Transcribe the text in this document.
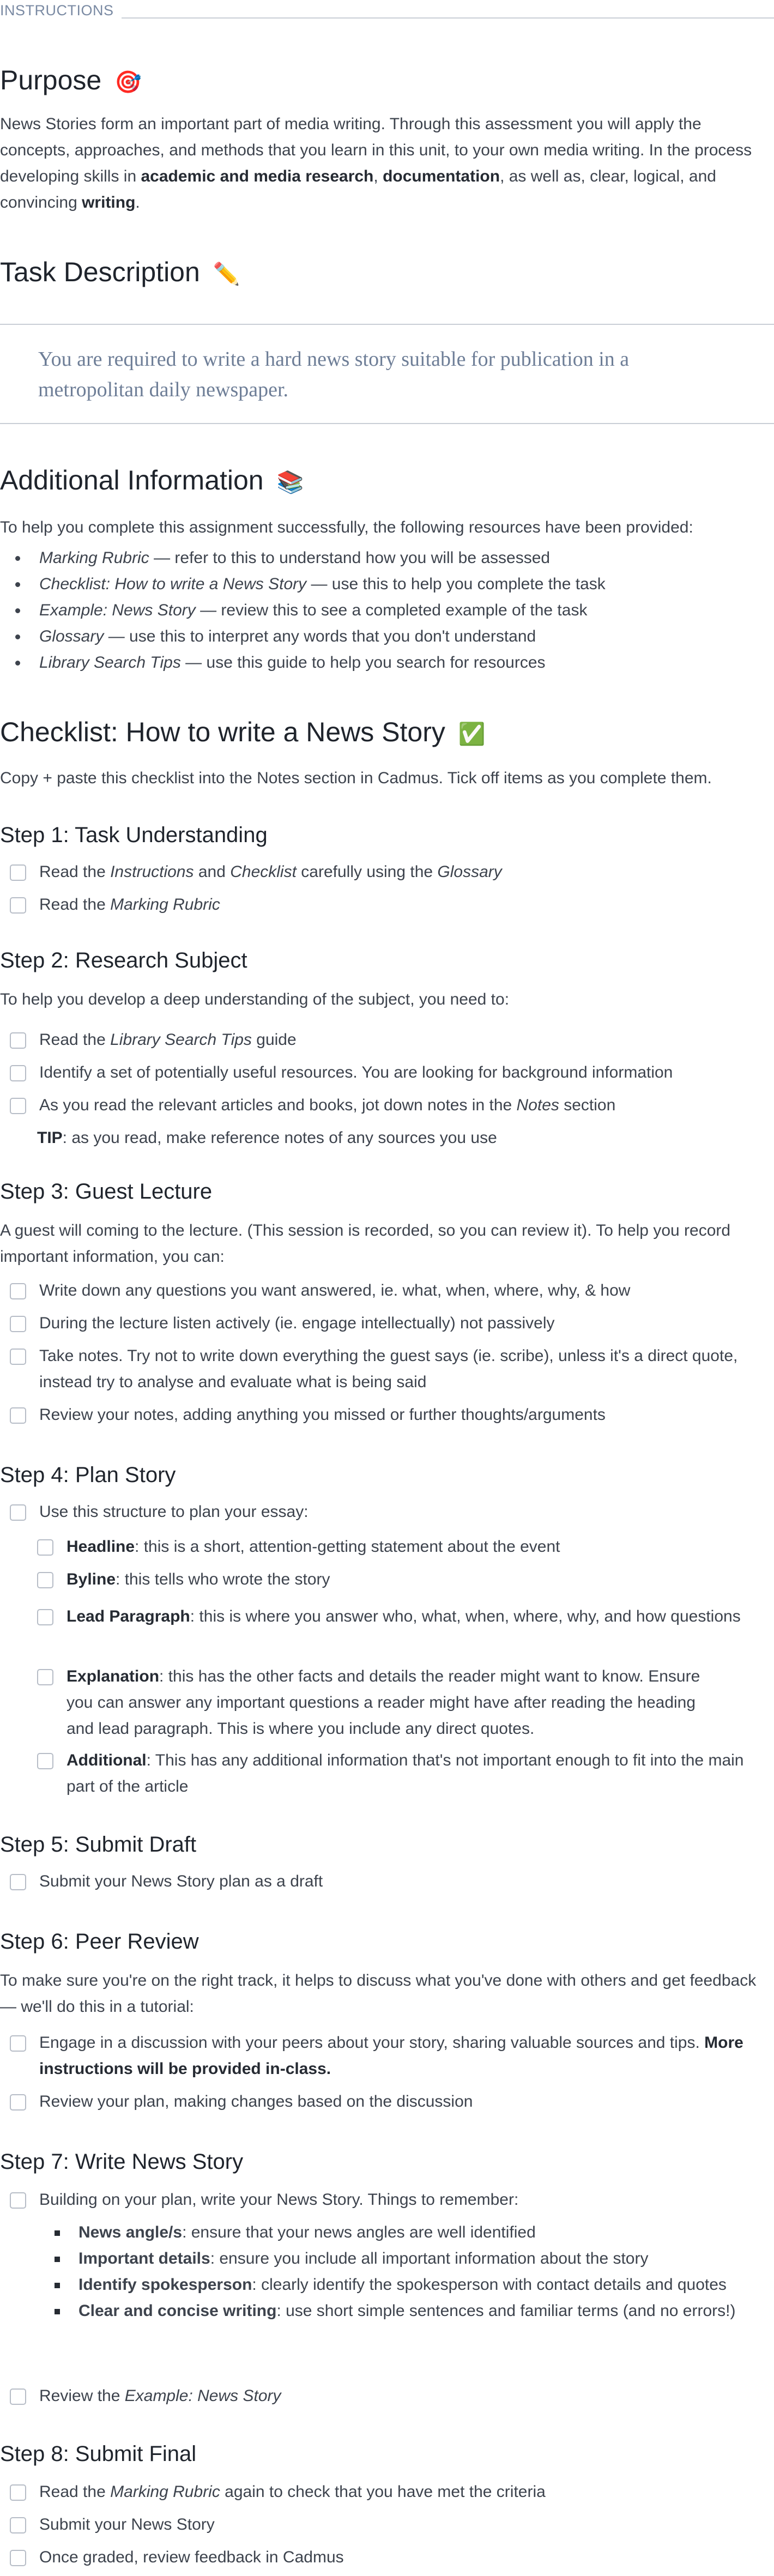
INSTRUCTIONS
Purpose 🎯

News Stories form an important part of media writing. Through this assessment you will apply the concepts, approaches, and methods that you learn in this unit, to your own media writing. In the process developing skills in academic and media research, documentation, as well as, clear, logical, and convincing writing.

Task Description ✏️

You are required to write a hard news story suitable for publication in a metropolitan daily newspaper.

Additional Information 📚

To help you complete this assignment successfully, the following resources have been provided:

Marking Rubric — refer to this to understand how you will be assessed
Checklist: How to write a News Story — use this to help you complete the task
Example: News Story — review this to see a completed example of the task
Glossary — use this to interpret any words that you don't understand
Library Search Tips — use this guide to help you search for resources
Checklist: How to write a News Story ✅

Copy + paste this checklist into the Notes section in Cadmus. Tick off items as you complete them.

Step 1: Task Understanding
Read the Instructions and Checklist carefully using the Glossary
Read the Marking Rubric
Step 2: Research Subject

To help you develop a deep understanding of the subject, you need to:

Read the Library Search Tips guide
Identify a set of potentially useful resources. You are looking for background information
As you read the relevant articles and books, jot down notes in the Notes section
TIP: as you read, make reference notes of any sources you use
Step 3: Guest Lecture

A guest will coming to the lecture. (This session is recorded, so you can review it). To help you record important information, you can:

Write down any questions you want answered, ie. what, when, where, why, & how
During the lecture listen actively (ie. engage intellectually) not passively
Take notes. Try not to write down everything the guest says (ie. scribe), unless it's a direct quote, instead try to analyse and evaluate what is being said
Review your notes, adding anything you missed or further thoughts/arguments
Step 4: Plan Story
Use this structure to plan your essay:
Headline: this is a short, attention-getting statement about the event
Byline: this tells who wrote the story
Lead Paragraph: this is where you answer who, what, when, where, why, and how questions
Explanation: this has the other facts and details the reader might want to know. Ensure you can answer any important questions a reader might have after reading the heading and lead paragraph. This is where you include any direct quotes.
Additional: This has any additional information that's not important enough to fit into the main part of the article
Step 5: Submit Draft
Submit your News Story plan as a draft
Step 6: Peer Review

To make sure you're on the right track, it helps to discuss what you've done with others and get feedback — we'll do this in a tutorial:

Engage in a discussion with your peers about your story, sharing valuable sources and tips. More instructions will be provided in-class.
Review your plan, making changes based on the discussion
Step 7: Write News Story
Building on your plan, write your News Story. Things to remember:
News angle/s: ensure that your news angles are well identified
Important details: ensure you include all important information about the story
Identify spokesperson: clearly identify the spokesperson with contact details and quotes
Clear and concise writing: use short simple sentences and familiar terms (and no errors!)
Review the Example: News Story
Step 8: Submit Final
Read the Marking Rubric again to check that you have met the criteria
Submit your News Story
Once graded, review feedback in Cadmus
